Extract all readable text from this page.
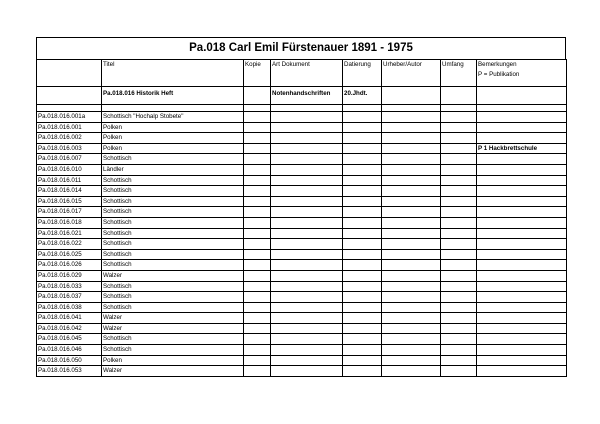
Pa.018 Carl Emil Fürstenauer 1891 - 1975
	Titel	Kopie	Art Dokument	Datierung	Urheber/Autor	Umfang	Bemerkungen
P = Publikation

	Pa.018.016 Historik Heft		Notenhandschriften	20.Jhdt.			

Pa.018.016.001a	Schottisch "Hochalp Stobete"						
Pa.018.016.001	Polken						
Pa.018.016.002	Polken						
Pa.018.016.003	Polken						P 1 Hackbrettschule
Pa.018.016.007	Schottisch						
Pa.018.016.010	Ländler						
Pa.018.016.011	Schottisch						
Pa.018.016.014	Schottisch						
Pa.018.016.015	Schottisch						
Pa.018.016.017	Schottisch						
Pa.018.016.018	Schottisch						
Pa.018.016.021	Schottisch						
Pa.018.016.022	Schottisch						
Pa.018.016.025	Schottisch						
Pa.018.016.026	Schottisch						
Pa.018.016.029	Walzer						
Pa.018.016.033	Schottisch						
Pa.018.016.037	Schottisch						
Pa.018.016.038	Schottisch						
Pa.018.016.041	Walzer						
Pa.018.016.042	Walzer						
Pa.018.016.045	Schottisch						
Pa.018.016.046	Schottisch						
Pa.018.016.050	Polken						
Pa.018.016.053	Walzer						
